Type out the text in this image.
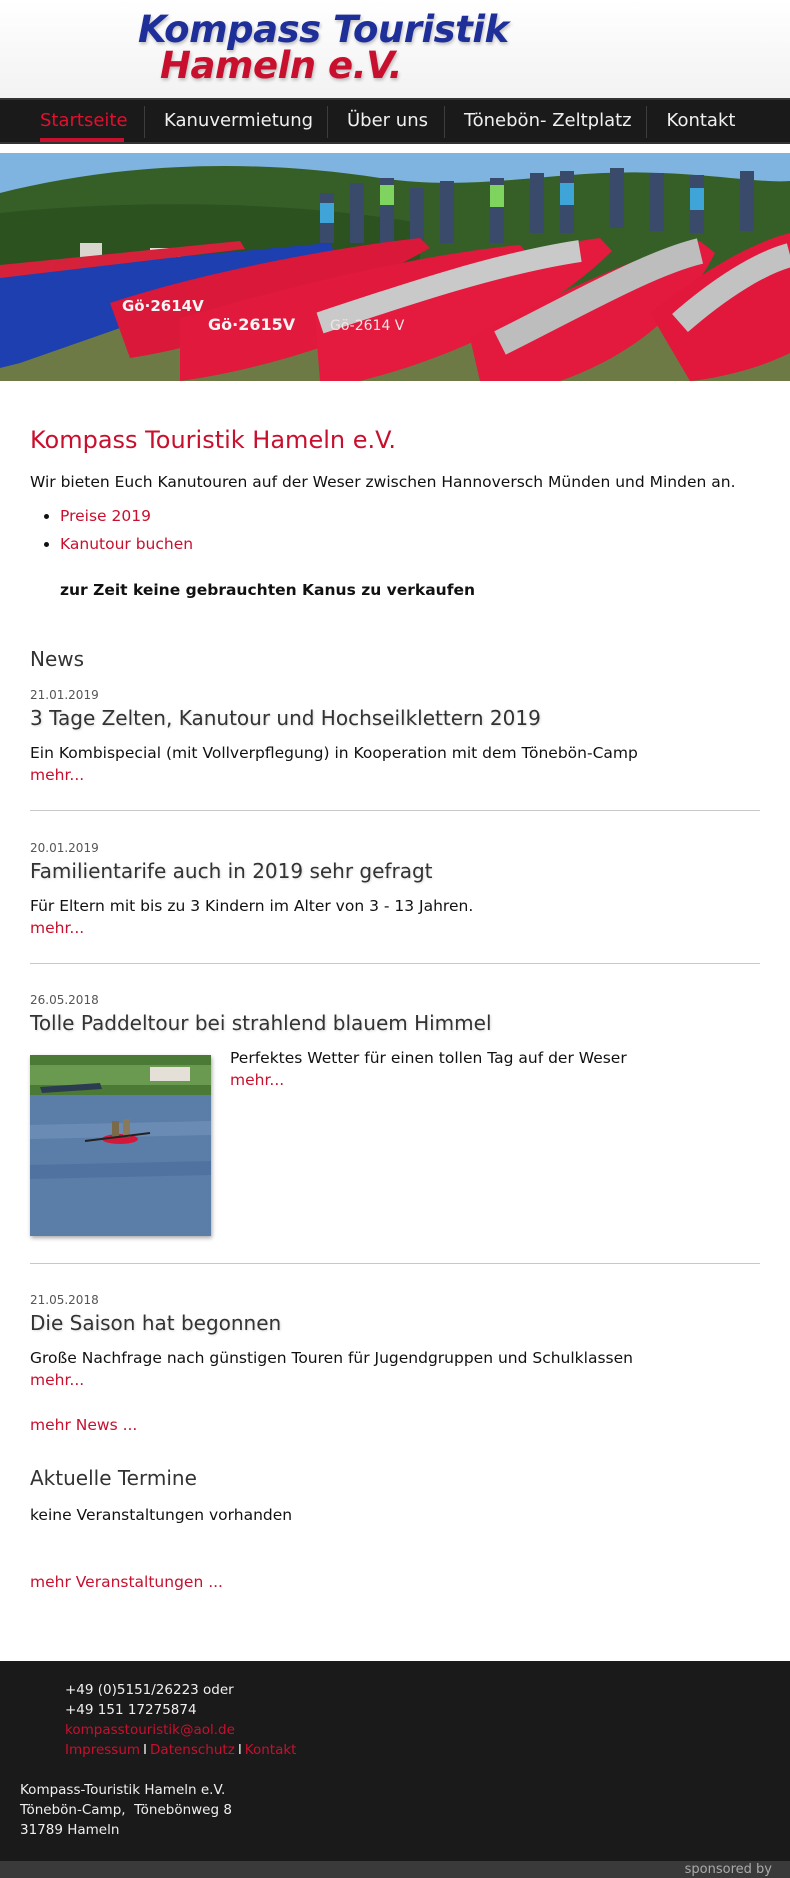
Kompass Touristik
Hameln e.V.
Startseite Kanuvermietung Über uns Tönebön- Zeltplatz Kontakt
Gö·2614V
Gö·2615V Gö-2614 V
Kompass Touristik Hameln e.V.

Wir bieten Euch Kanutouren auf der Weser zwischen Hannoversch Münden und Minden an.

• Preise 2019
• Kanutour buchen

zur Zeit keine gebrauchten Kanus zu verkaufen

News
21.01.2019
3 Tage Zelten, Kanutour und Hochseilklettern 2019
Ein Kombispecial (mit Vollverpflegung) in Kooperation mit dem Tönebön-Camp
mehr...
20.01.2019
Familientarife auch in 2019 sehr gefragt
Für Eltern mit bis zu 3 Kindern im Alter von 3 - 13 Jahren.
mehr...
26.05.2018
Tolle Paddeltour bei strahlend blauem Himmel
Perfektes Wetter für einen tollen Tag auf der Weser
mehr...
21.05.2018
Die Saison hat begonnen
Große Nachfrage nach günstigen Touren für Jugendgruppen und Schulklassen
mehr...
mehr News ...
Aktuelle Termine
keine Veranstaltungen vorhanden
mehr Veranstaltungen ...
+49 (0)5151/26223 oder
+49 151 17275874
kompasstouristik@aol.de
Impressum I Datenschutz I Kontakt
Kompass-Touristik Hameln e.V.
Tönebön-Camp,  Tönebönweg 8
31789 Hameln
sponsored by
